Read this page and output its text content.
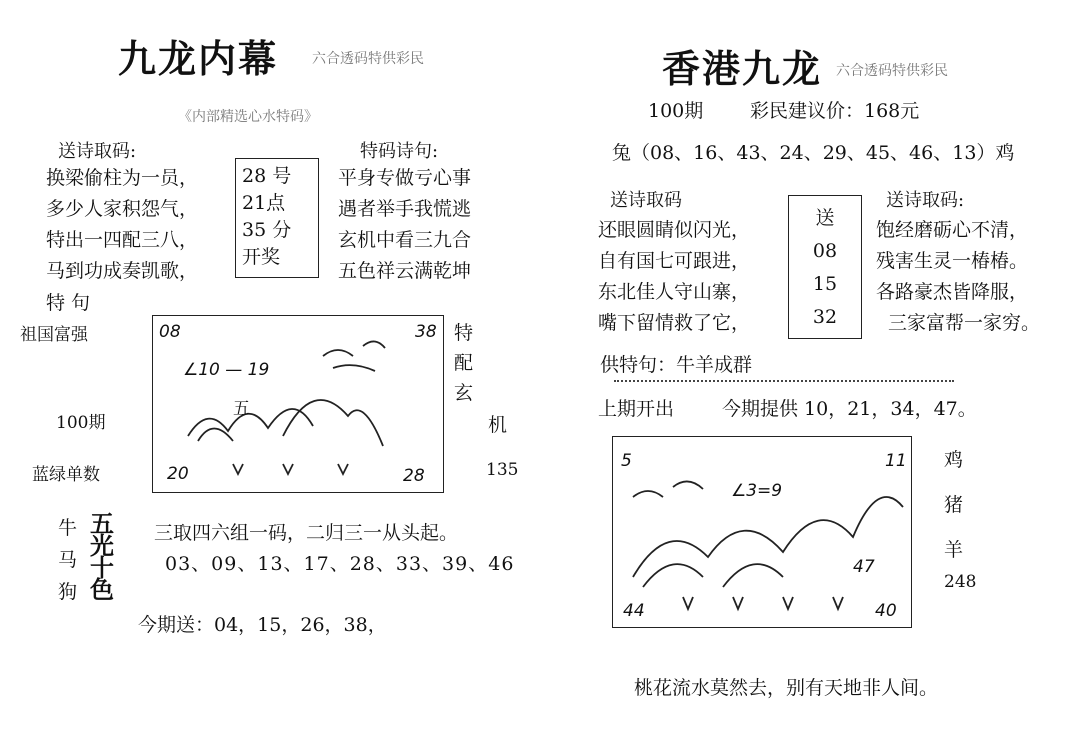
九龙内幕 六合透码特供彩民
《内部精选心水特码》
送诗取码:	特码诗句:
换梁偷柱为一员，
多少人家积怨气，
特出一四配三八，
马到功成奏凯歌，
28 号
21点
35 分
开奖
平身专做亏心事
遇者举手我慌逃
玄机中看三九合
五色祥云满乾坤
特 句
祖国富强
100期
蓝绿单数
08	38
∠10 — 19
五
20	28
特
配
玄
机
135
牛
马
狗
五
光
十
色
三取四六组一码，二归三一从头起。
03、09、13、17、28、33、39、46
今期送：04，15，26，38，
香港九龙 六合透码特供彩民
100期 彩民建议价：168元
兔（08、16、43、24、29、45、46、13）鸡
送诗取码	送诗取码:
还眼圆睛似闪光，
自有国七可跟进，
东北佳人守山寨，
嘴下留情救了它，
送
08
15
32
饱经磨砺心不清，
残害生灵一椿椿。
各路豪杰皆降服，
三家富帮一家穷。
供特句：牛羊成群
上期开出	今期提供 10，21，34，47。
5	11
∠3=9
47
44	40
鸡
猪
羊
248
桃花流水莫然去，别有天地非人间。
